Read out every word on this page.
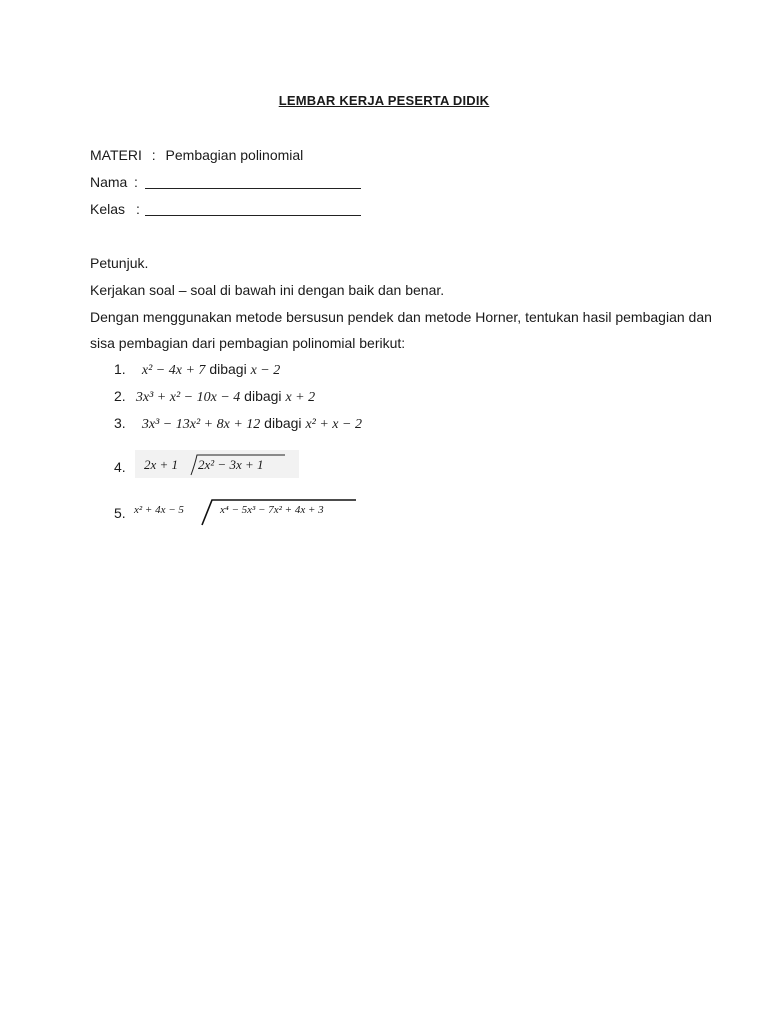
LEMBAR KERJA PESERTA DIDIK
MATERI : Pembagian polinomial
Nama :
Kelas :
Petunjuk.
Kerjakan soal – soal di bawah ini dengan baik dan benar.
Dengan menggunakan metode bersusun pendek dan metode Horner, tentukan hasil pembagian dan
sisa pembagian dari pembagian polinomial berikut:
1. x² − 4x + 7 dibagi x − 2
2. 3x³ + x² − 10x − 4 dibagi x + 2
3. 3x³ − 13x² + 8x + 12 dibagi x² + x − 2
4. 2x + 1 2x² − 3x + 1
5. x² + 4x − 5	x⁴ − 5x³ − 7x² + 4x + 3
